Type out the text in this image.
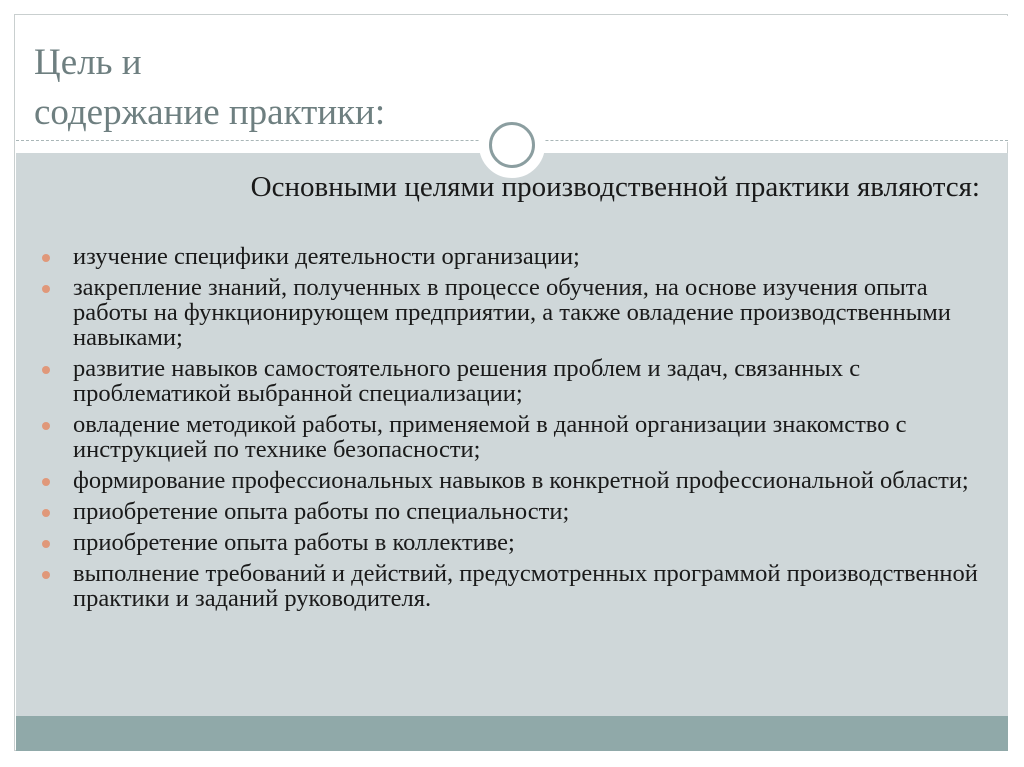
Цель и
содержание практики:
Основными целями производственной практики являются:
изучение специфики деятельности организации;
закрепление знаний, полученных в процессе обучения, на основе изучения опыта работы на функционирующем предприятии, а также овладение производственными навыками;
развитие навыков самостоятельного решения проблем и задач, связанных с проблематикой выбранной специализации;
овладение методикой работы, применяемой в данной организации знакомство с инструкцией по технике безопасности;
формирование профессиональных навыков в конкретной профессиональной области;
приобретение опыта работы по специальности;
приобретение опыта работы в коллективе;
выполнение требований и действий, предусмотренных программой производственной практики и заданий руководителя.
